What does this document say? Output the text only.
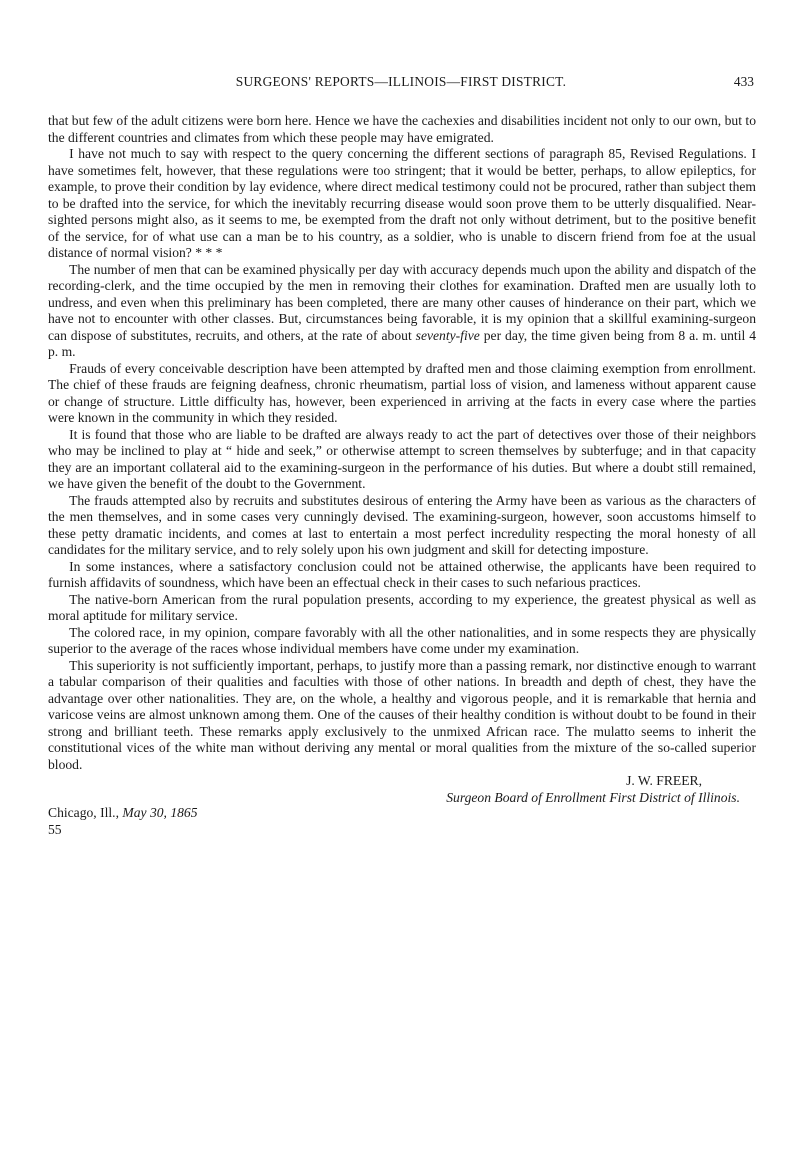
SURGEONS' REPORTS—ILLINOIS—FIRST DISTRICT.	433

that but few of the adult citizens were born here. Hence we have the cachexies and disabilities incident not only to our own, but to the different countries and climates from which these people may have emigrated.

I have not much to say with respect to the query concerning the different sections of paragraph 85, Revised Regulations. I have sometimes felt, however, that these regulations were too stringent; that it would be better, perhaps, to allow epileptics, for example, to prove their condition by lay evidence, where direct medical testimony could not be procured, rather than subject them to be drafted into the service, for which the inevitably recurring disease would soon prove them to be utterly disqualified. Near-sighted persons might also, as it seems to me, be exempted from the draft not only without detriment, but to the positive benefit of the service, for of what use can a man be to his country, as a soldier, who is unable to discern friend from foe at the usual distance of normal vision? * * *

The number of men that can be examined physically per day with accuracy depends much upon the ability and dispatch of the recording-clerk, and the time occupied by the men in removing their clothes for examination. Drafted men are usually loth to undress, and even when this preliminary has been completed, there are many other causes of hinderance on their part, which we have not to encounter with other classes. But, circumstances being favorable, it is my opinion that a skillful examining-surgeon can dispose of substitutes, recruits, and others, at the rate of about seventy-five per day, the time given being from 8 a. m. until 4 p. m.

Frauds of every conceivable description have been attempted by drafted men and those claiming exemption from enrollment. The chief of these frauds are feigning deafness, chronic rheumatism, partial loss of vision, and lameness without apparent cause or change of structure. Little difficulty has, however, been experienced in arriving at the facts in every case where the parties were known in the community in which they resided.

It is found that those who are liable to be drafted are always ready to act the part of detectives over those of their neighbors who may be inclined to play at “ hide and seek,” or otherwise attempt to screen themselves by subterfuge; and in that capacity they are an important collateral aid to the examining-surgeon in the performance of his duties. But where a doubt still remained, we have given the benefit of the doubt to the Government.

The frauds attempted also by recruits and substitutes desirous of entering the Army have been as various as the characters of the men themselves, and in some cases very cunningly devised. The examining-surgeon, however, soon accustoms himself to these petty dramatic incidents, and comes at last to entertain a most perfect incredulity respecting the moral honesty of all candidates for the military service, and to rely solely upon his own judgment and skill for detecting imposture.

In some instances, where a satisfactory conclusion could not be attained otherwise, the applicants have been required to furnish affidavits of soundness, which have been an effectual check in their cases to such nefarious practices.

The native-born American from the rural population presents, according to my experience, the greatest physical as well as moral aptitude for military service.

The colored race, in my opinion, compare favorably with all the other nationalities, and in some respects they are physically superior to the average of the races whose individual members have come under my examination.

This superiority is not sufficiently important, perhaps, to justify more than a passing remark, nor distinctive enough to warrant a tabular comparison of their qualities and faculties with those of other nations. In breadth and depth of chest, they have the advantage over other nationalities. They are, on the whole, a healthy and vigorous people, and it is remarkable that hernia and varicose veins are almost unknown among them. One of the causes of their healthy condition is without doubt to be found in their strong and brilliant teeth. These remarks apply exclusively to the unmixed African race. The mulatto seems to inherit the constitutional vices of the white man without deriving any mental or moral qualities from the mixture of the so-called superior blood.

J. W. FREER,
Surgeon Board of Enrollment First District of Illinois.
Chicago, Ill., May 30, 1865
55
